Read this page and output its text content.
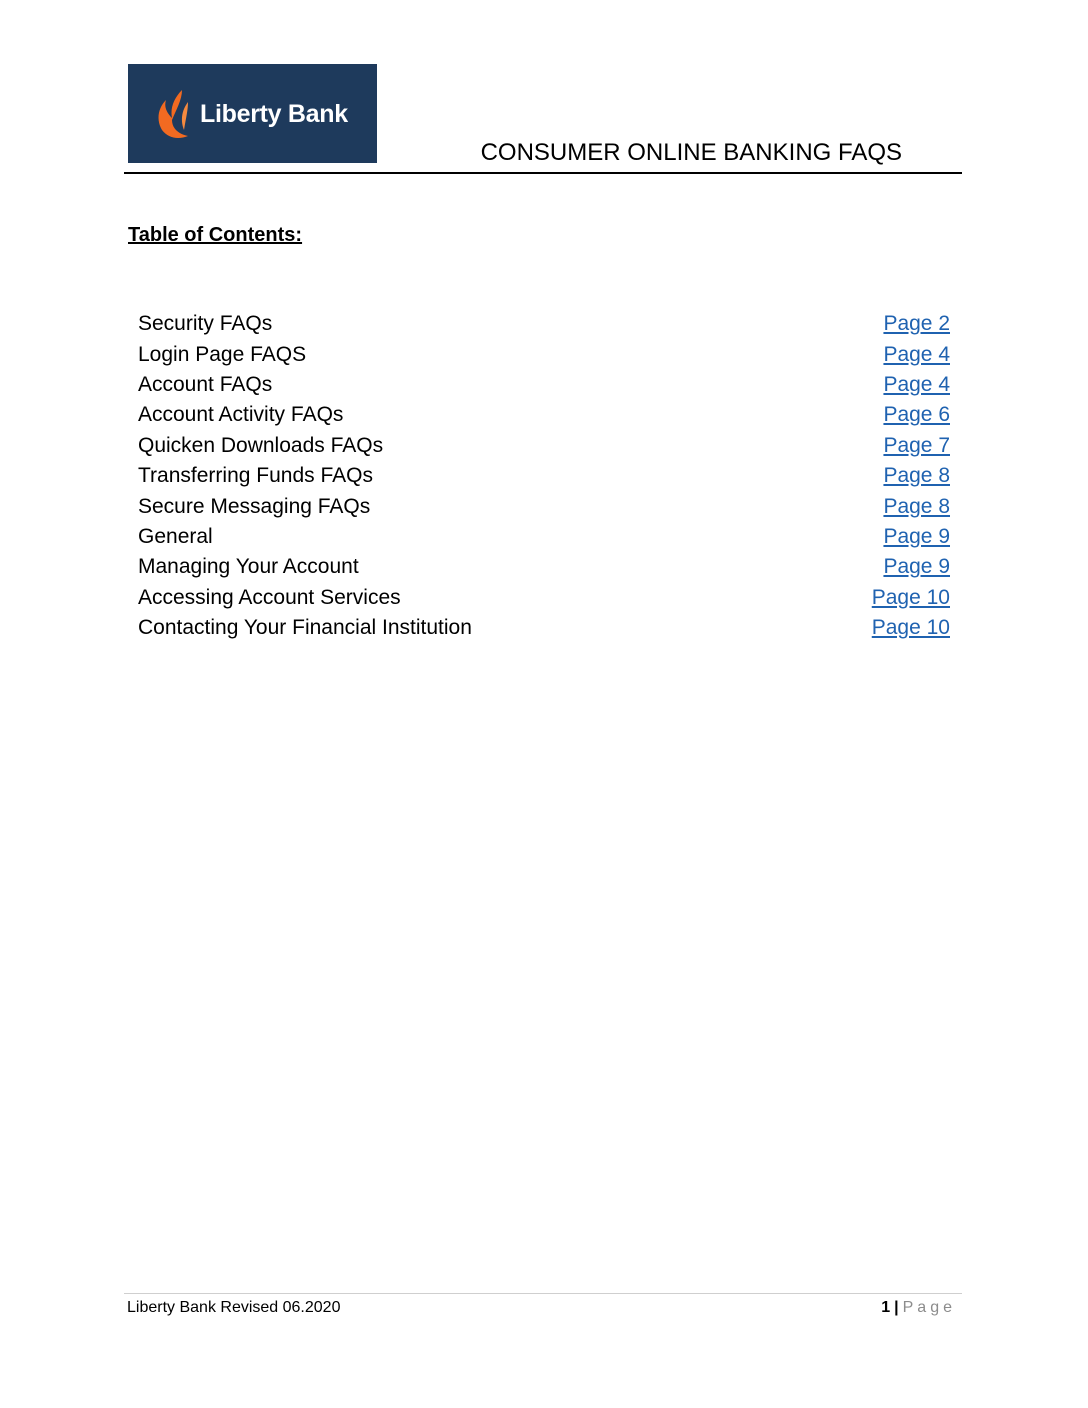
Liberty Bank
CONSUMER ONLINE BANKING FAQS
Table of Contents:
Security FAQs	Page 2
Login Page FAQS	Page 4
Account FAQs	Page 4
Account Activity FAQs	Page 6
Quicken Downloads FAQs	Page 7
Transferring Funds FAQs	Page 8
Secure Messaging FAQs	Page 8
General	Page 9
Managing Your Account	Page 9
Accessing Account Services	Page 10
Contacting Your Financial Institution	Page 10
Liberty Bank Revised 06.2020	1 | Page
